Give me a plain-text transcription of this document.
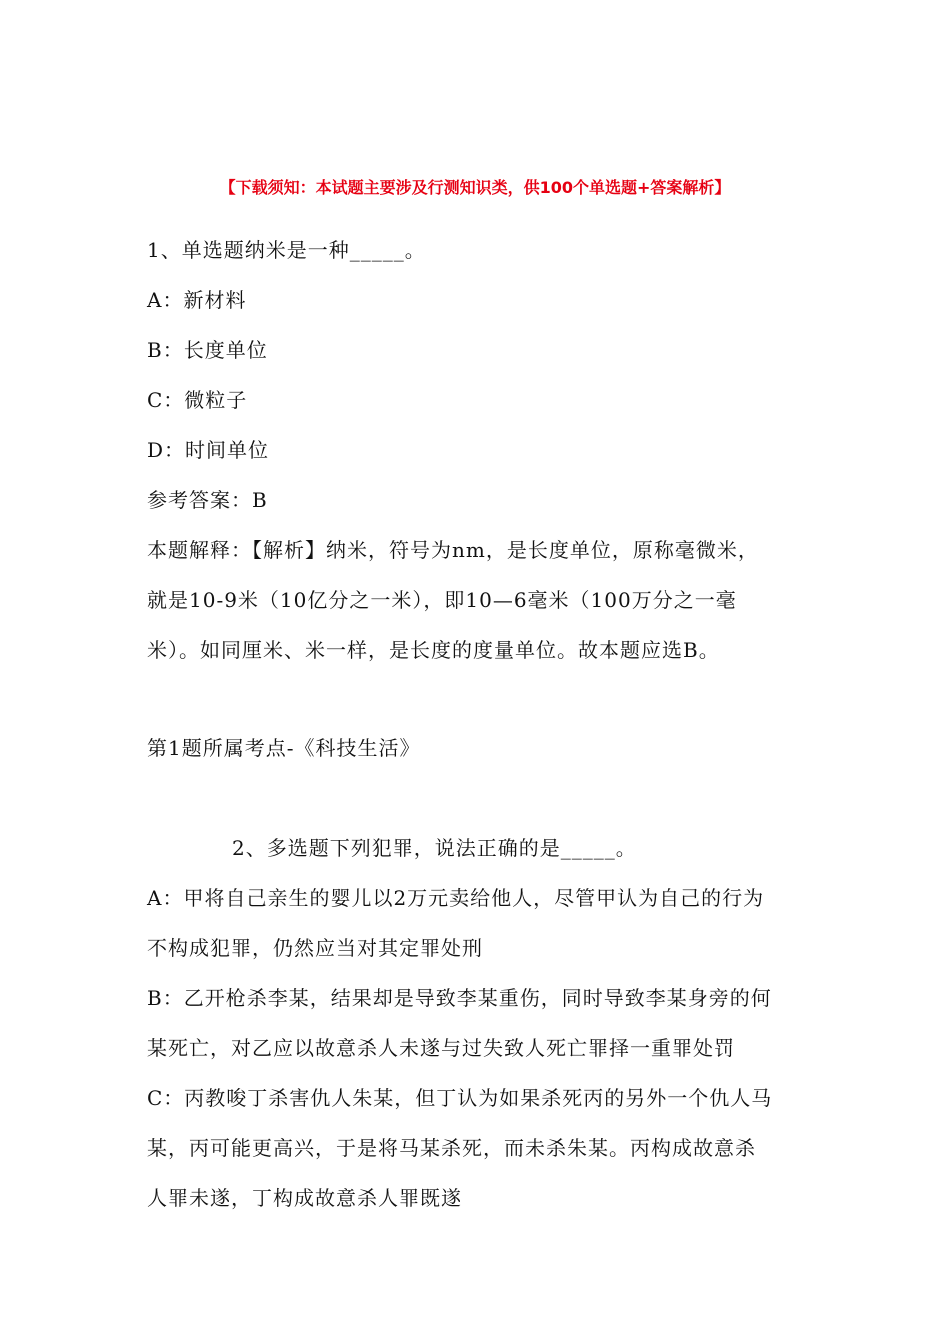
【下载须知：本试题主要涉及行测知识类，供100个单选题+答案解析】
1、单选题纳米是一种_____。
A：新材料
B：长度单位
C：微粒子
D：时间单位
参考答案：B
本题解释：【解析】纳米，符号为nm，是长度单位，原称毫微米，
就是10-9米（10亿分之一米），即10—6毫米（100万分之一毫
米）。如同厘米、米一样，是长度的度量单位。故本题应选B。
第1题所属考点-《科技生活》
2、多选题下列犯罪，说法正确的是_____。
A：甲将自己亲生的婴儿以2万元卖给他人，尽管甲认为自己的行为
不构成犯罪，仍然应当对其定罪处刑
B：乙开枪杀李某，结果却是导致李某重伤，同时导致李某身旁的何
某死亡，对乙应以故意杀人未遂与过失致人死亡罪择一重罪处罚
C：丙教唆丁杀害仇人朱某，但丁认为如果杀死丙的另外一个仇人马
某，丙可能更高兴，于是将马某杀死，而未杀朱某。丙构成故意杀
人罪未遂，丁构成故意杀人罪既遂
